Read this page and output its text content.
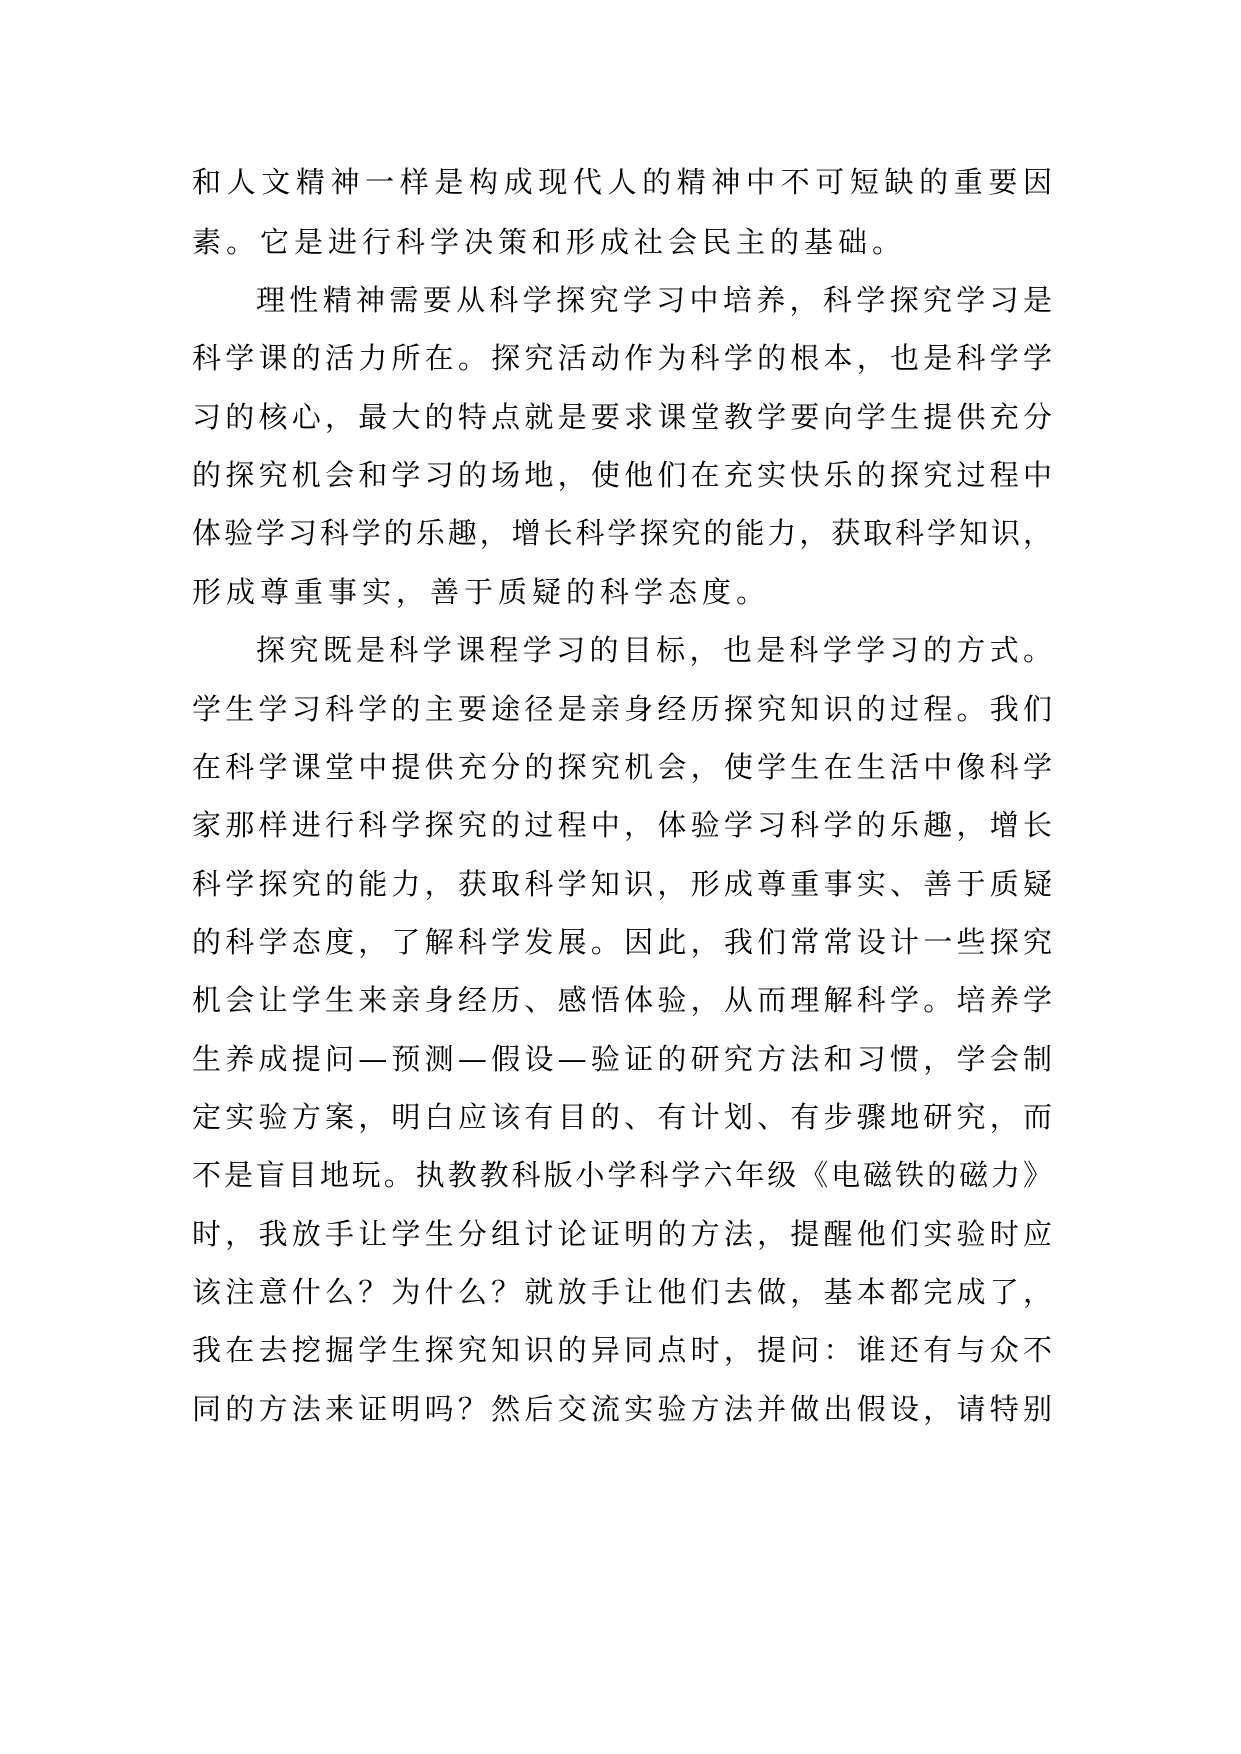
和人文精神一样是构成现代人的精神中不可短缺的重要因
素。它是进行科学决策和形成社会民主的基础。
理性精神需要从科学探究学习中培养，科学探究学习是
科学课的活力所在。探究活动作为科学的根本，也是科学学
习的核心，最大的特点就是要求课堂教学要向学生提供充分
的探究机会和学习的场地，使他们在充实快乐的探究过程中
体验学习科学的乐趣，增长科学探究的能力，获取科学知识，
形成尊重事实，善于质疑的科学态度。
探究既是科学课程学习的目标，也是科学学习的方式。
学生学习科学的主要途径是亲身经历探究知识的过程。我们
在科学课堂中提供充分的探究机会，使学生在生活中像科学
家那样进行科学探究的过程中，体验学习科学的乐趣，增长
科学探究的能力，获取科学知识，形成尊重事实、善于质疑
的科学态度，了解科学发展。因此，我们常常设计一些探究
机会让学生来亲身经历、感悟体验，从而理解科学。培养学
生养成提问—预测—假设—验证的研究方法和习惯，学会制
定实验方案，明白应该有目的、有计划、有步骤地研究，而
不是盲目地玩。执教教科版小学科学六年级《电磁铁的磁力》
时，我放手让学生分组讨论证明的方法，提醒他们实验时应
该注意什么？为什么？就放手让他们去做，基本都完成了，
我在去挖掘学生探究知识的异同点时，提问：谁还有与众不
同的方法来证明吗？然后交流实验方法并做出假设，请特别
